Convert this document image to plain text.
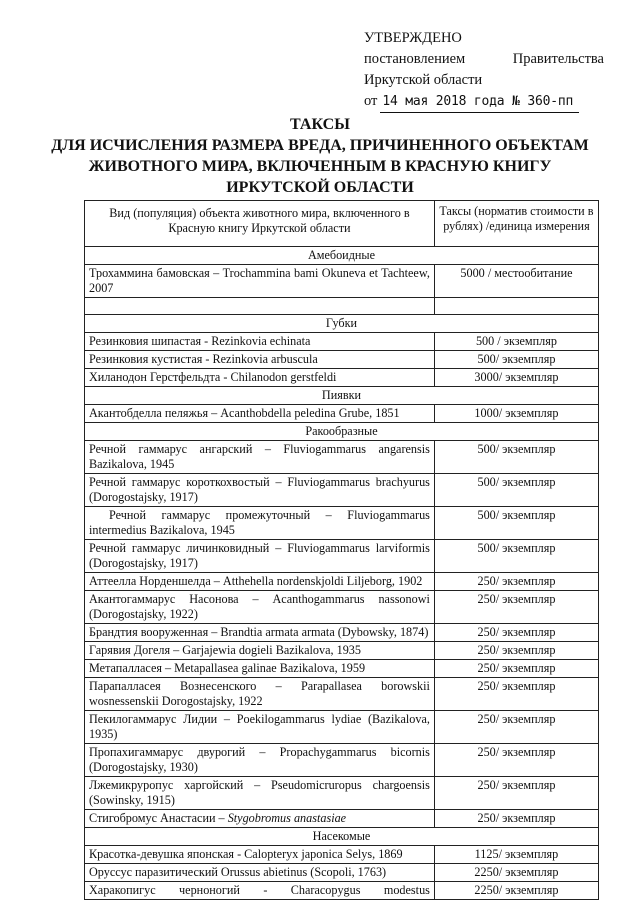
УТВЕРЖДЕНО
постановлением	Правительства
Иркутской области
от 14 мая 2018 года № 360-пп
ТАКСЫ
ДЛЯ ИСЧИСЛЕНИЯ РАЗМЕРА ВРЕДА, ПРИЧИНЕННОГО ОБЪЕКТАМ
ЖИВОТНОГО МИРА, ВКЛЮЧЕННЫМ В КРАСНУЮ КНИГУ
ИРКУТСКОЙ ОБЛАСТИ
Вид (популяция) объекта животного мира, включенного в Красную книгу Иркутской области	Таксы (норматив стоимости в рублях) /единица измерения
Амебоидные	
Трохаммина бамовская – Trochammina bami Okuneva et Tachteew, 2007	5000 / местообитание

Губки	
Резинковия шипастая - Rezinkovia echinata	500 / экземпляр
Резинковия кустистая - Rezinkovia arbuscula	500/ экземпляр
Хиланодон Герстфельдта - Chilanodon gerstfeldi	3000/ экземпляр
Пиявки	
Акантобделла пеляжья – Acanthobdella peledina Grube, 1851	1000/ экземпляр
Ракообразные	
Речной гаммарус ангарский – Fluviogammarus angarensis Bazikalova, 1945	500/ экземпляр
Речной гаммарус короткохвостый – Fluviogammarus brachyurus (Dorogostajsky, 1917)	500/ экземпляр
Речной гаммарус промежуточный – Fluviogammarus intermedius Bazikalova, 1945	500/ экземпляр
Речной гаммарус личинковидный – Fluviogammarus larviformis (Dorogostajsky, 1917)	500/ экземпляр
Аттеелла Норденшелда – Atthehella nordenskjoldi Liljeborg, 1902	250/ экземпляр
Акантогаммарус Насонова – Acanthogammarus nassonowi (Dorogostajsky, 1922)	250/ экземпляр
Брандтия вооруженная – Brandtia armata armata (Dybowsky, 1874)	250/ экземпляр
Гарявия Догеля – Garjajewia dogieli Bazikalova, 1935	250/ экземпляр
Метапалласея – Metapallasea galinae Bazikalova, 1959	250/ экземпляр
Парапалласея Вознесенского – Parapallasea borowskii wosnessenskii Dorogostajsky, 1922	250/ экземпляр
Пекилогаммарус Лидии – Poekilogammarus lydiae (Bazikalova, 1935)	250/ экземпляр
Пропахигаммарус двурогий – Propachygammarus bicornis (Dorogostajsky, 1930)	250/ экземпляр
Лжемикруропус харгойский – Pseudomicruropus chargoensis (Sowinsky, 1915)	250/ экземпляр
Стигобромус Анастасии – Stygobromus anastasiae	250/ экземпляр
Насекомые	
Красотка-девушка японская - Calopteryx japonica Selys, 1869	1125/ экземпляр
Оруссус паразитический Orussus abietinus (Scopoli, 1763)	2250/ экземпляр
Харакопигус черноногий - Characopygus modestus	2250/ экземпляр
